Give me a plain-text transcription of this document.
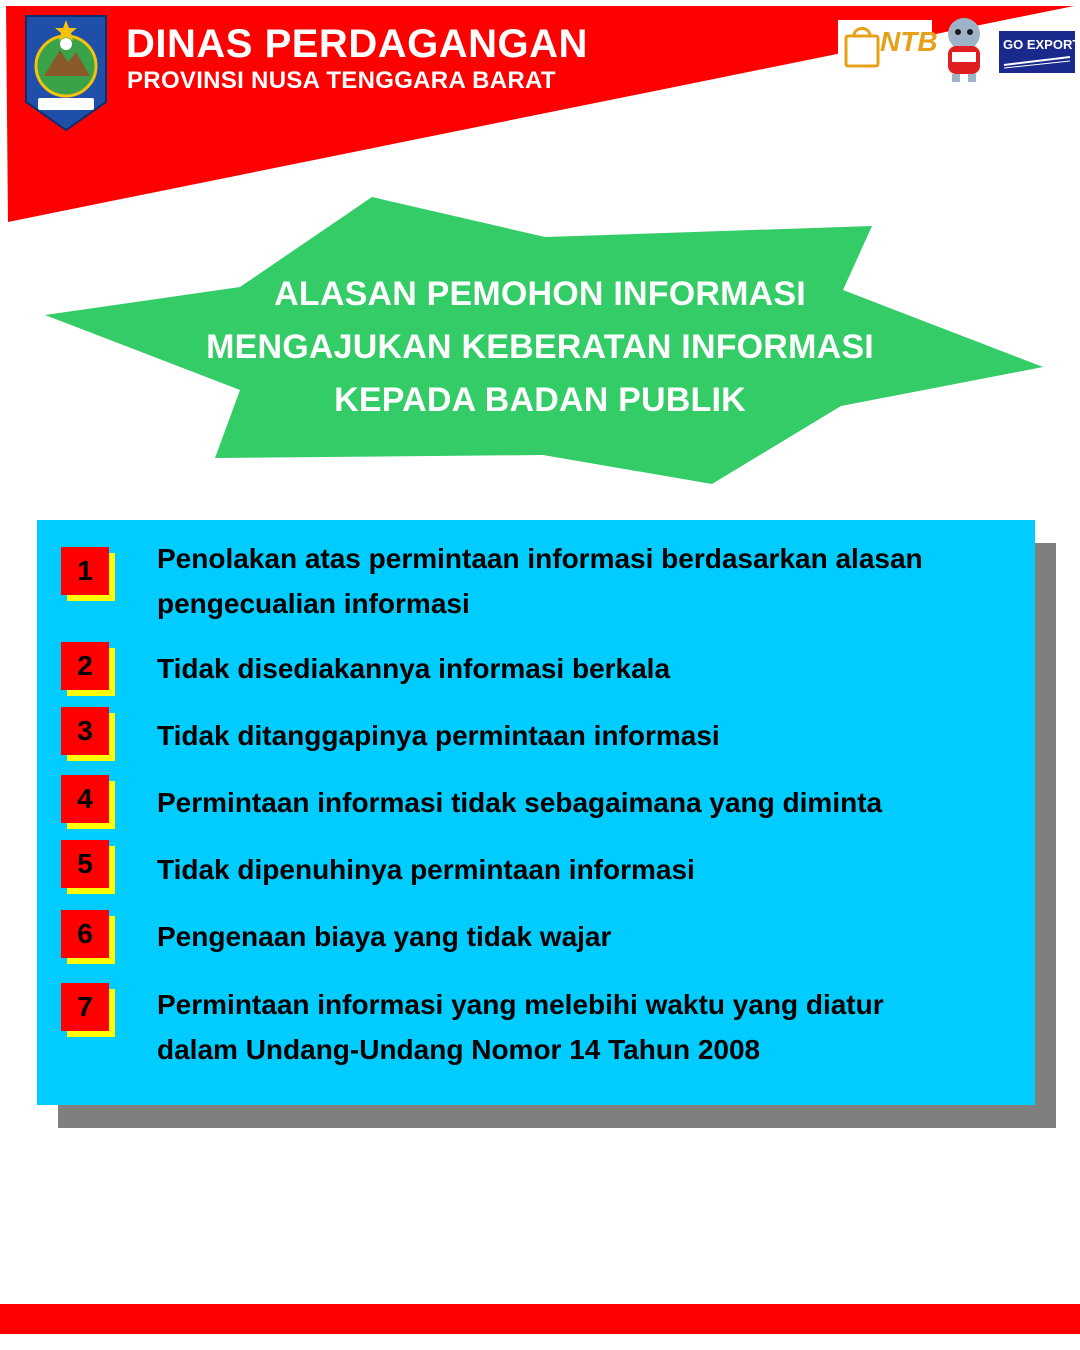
DINAS PERDAGANGAN
PROVINSI NUSA TENGGARA BARAT
NTB	GO EXPORT
ALASAN PEMOHON INFORMASI
MENGAJUKAN KEBERATAN INFORMASI
KEPADA BADAN PUBLIK
1	Penolakan atas permintaan informasi berdasarkan alasan
pengecualian informasi
2	Tidak disediakannya informasi berkala
3	Tidak ditanggapinya permintaan informasi
4	Permintaan informasi tidak sebagaimana yang diminta
5	Tidak dipenuhinya permintaan informasi
6	Pengenaan biaya yang tidak wajar
7	Permintaan informasi yang melebihi waktu yang diatur
dalam Undang-Undang Nomor 14 Tahun 2008
